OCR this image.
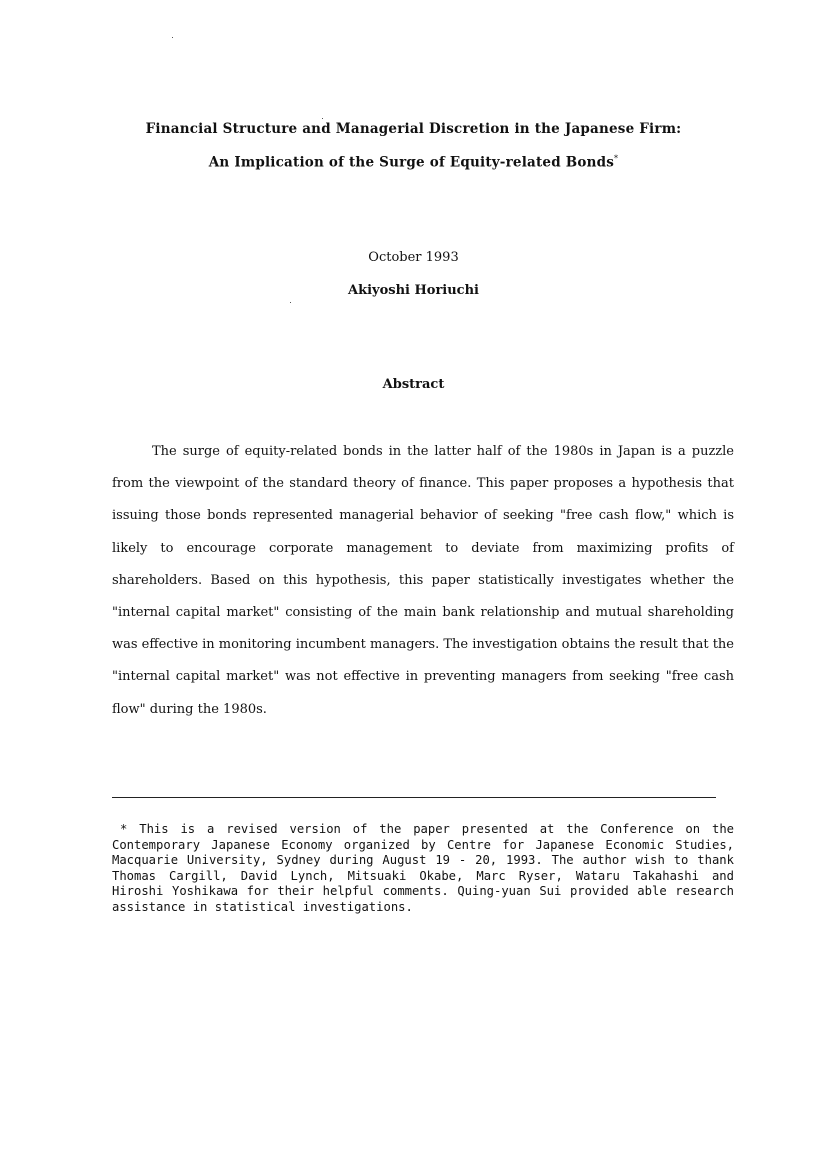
Financial Structure and Managerial Discretion in the Japanese Firm:
An Implication of the Surge of Equity-related Bonds*
October 1993
Akiyoshi Horiuchi
Abstract

The surge of equity-related bonds in the latter half of the 1980s in Japan is a puzzle from the viewpoint of the standard theory of finance. This paper proposes a hypothesis that issuing those bonds represented managerial behavior of seeking "free cash flow," which is likely to encourage corporate management to deviate from maximizing profits of shareholders. Based on this hypothesis, this paper statistically investigates whether the "internal capital market" consisting of the main bank relationship and mutual shareholding was effective in monitoring incumbent managers. The investigation obtains the result that the "internal capital market" was not effective in preventing managers from seeking "free cash flow" during the 1980s.

* This is a revised version of the paper presented at the Conference on the Contemporary Japanese Economy organized by Centre for Japanese Economic Studies, Macquarie University, Sydney during August 19 - 20, 1993. The author wish to thank Thomas Cargill, David Lynch, Mitsuaki Okabe, Marc Ryser, Wataru Takahashi and Hiroshi Yoshikawa for their helpful comments. Quing-yuan Sui provided able research assistance in statistical investigations.
